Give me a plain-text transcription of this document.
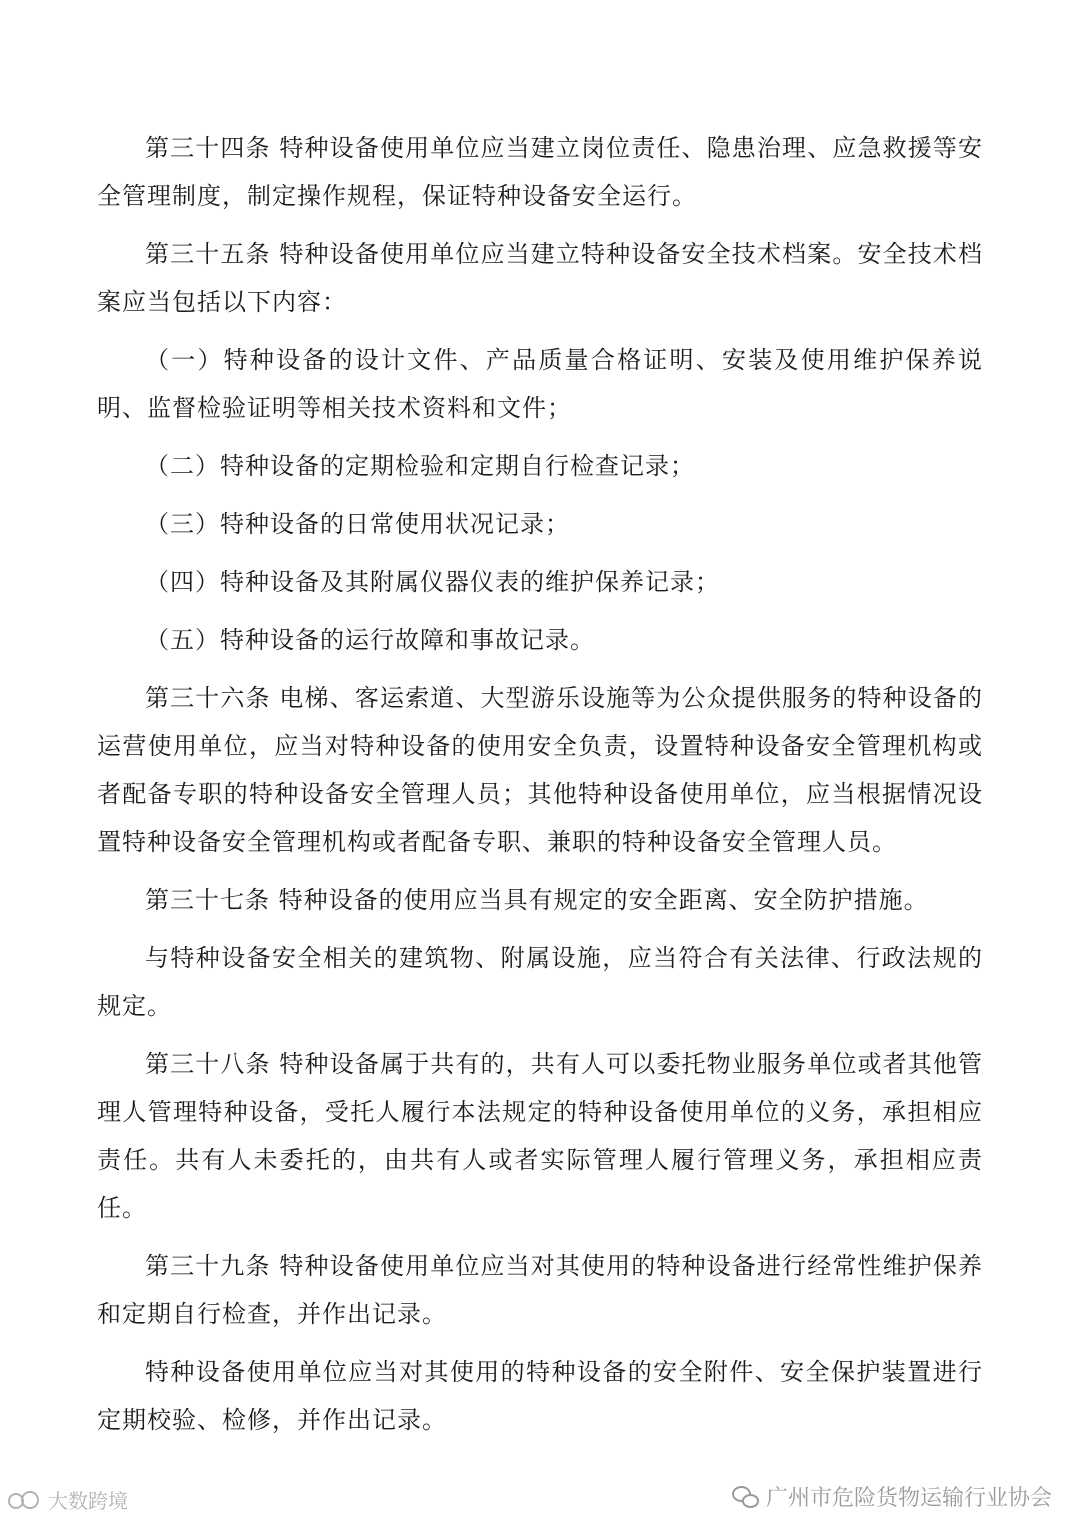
第三十四条 特种设备使用单位应当建立岗位责任、隐患治理、应急救援等安全管理制度，制定操作规程，保证特种设备安全运行。

第三十五条 特种设备使用单位应当建立特种设备安全技术档案。安全技术档案应当包括以下内容：

（一）特种设备的设计文件、产品质量合格证明、安装及使用维护保养说明、监督检验证明等相关技术资料和文件；

（二）特种设备的定期检验和定期自行检查记录；

（三）特种设备的日常使用状况记录；

（四）特种设备及其附属仪器仪表的维护保养记录；

（五）特种设备的运行故障和事故记录。

第三十六条 电梯、客运索道、大型游乐设施等为公众提供服务的特种设备的运营使用单位，应当对特种设备的使用安全负责，设置特种设备安全管理机构或者配备专职的特种设备安全管理人员；其他特种设备使用单位，应当根据情况设置特种设备安全管理机构或者配备专职、兼职的特种设备安全管理人员。

第三十七条 特种设备的使用应当具有规定的安全距离、安全防护措施。

与特种设备安全相关的建筑物、附属设施，应当符合有关法律、行政法规的规定。

第三十八条 特种设备属于共有的，共有人可以委托物业服务单位或者其他管理人管理特种设备，受托人履行本法规定的特种设备使用单位的义务，承担相应责任。共有人未委托的，由共有人或者实际管理人履行管理义务，承担相应责任。

第三十九条 特种设备使用单位应当对其使用的特种设备进行经常性维护保养和定期自行检查，并作出记录。

特种设备使用单位应当对其使用的特种设备的安全附件、安全保护装置进行定期校验、检修，并作出记录。

大数跨境	广州市危险货物运输行业协会
